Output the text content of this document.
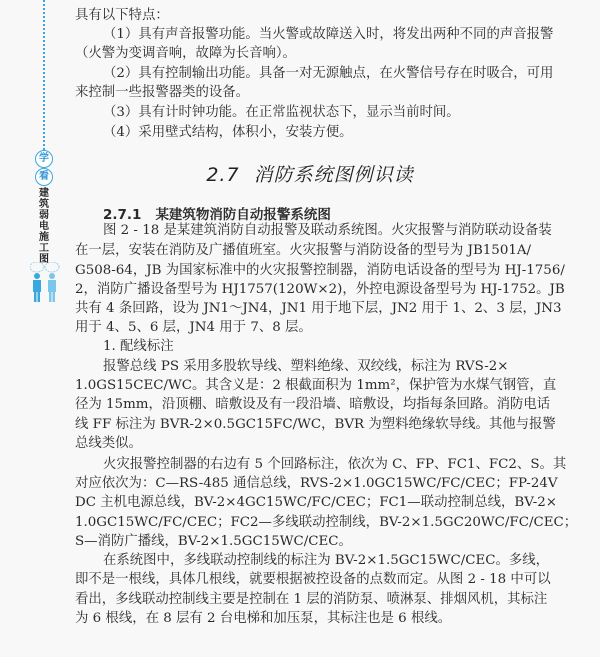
学
看
建筑弱电施工图
具有以下特点：
（1）具有声音报警功能。当火警或故障送入时，将发出两种不同的声音报警
（火警为变调音响，故障为长音响）。
（2）具有控制输出功能。具备一对无源触点，在火警信号存在时吸合，可用
来控制一些报警器类的设备。
（3）具有计时钟功能。在正常监视状态下，显示当前时间。
（4）采用壁式结构，体积小，安装方便。
2.7 消防系统图例识读
2.7.1 某建筑物消防自动报警系统图
图 2 - 18 是某建筑消防自动报警及联动系统图。火灾报警与消防联动设备装
在一层，安装在消防及广播值班室。火灾报警与消防设备的型号为 JB1501A/
G508-64，JB 为国家标准中的火灾报警控制器，消防电话设备的型号为 HJ-1756/
2，消防广播设备型号为 HJ1757(120W×2)，外控电源设备型号为 HJ-1752。JB
共有 4 条回路，设为 JN1～JN4，JN1 用于地下层，JN2 用于 1、2、3 层，JN3
用于 4、5、6 层，JN4 用于 7、8 层。
1. 配线标注
报警总线 PS 采用多股软导线、塑料绝缘、双绞线，标注为 RVS-2×
1.0GS15CEC/WC。其含义是：2 根截面积为 1mm²，保护管为水煤气钢管，直
径为 15mm，沿顶棚、暗敷设及有一段沿墙、暗敷设，均指每条回路。消防电话
线 FF 标注为 BVR-2×0.5GC15FC/WC，BVR 为塑料绝缘软导线。其他与报警
总线类似。
火灾报警控制器的右边有 5 个回路标注，依次为 C、FP、FC1、FC2、S。其
对应依次为：C—RS-485 通信总线，RVS-2×1.0GC15WC/FC/CEC；FP-24V
DC 主机电源总线，BV-2×4GC15WC/FC/CEC；FC1—联动控制总线，BV-2×
1.0GC15WC/FC/CEC；FC2—多线联动控制线，BV-2×1.5GC20WC/FC/CEC；
S—消防广播线，BV-2×1.5GC15WC/CEC。
在系统图中，多线联动控制线的标注为 BV-2×1.5GC15WC/CEC。多线，
即不是一根线，具体几根线，就要根据被控设备的点数而定。从图 2 - 18 中可以
看出，多线联动控制线主要是控制在 1 层的消防泵、喷淋泵、排烟风机，其标注
为 6 根线，在 8 层有 2 台电梯和加压泵，其标注也是 6 根线。
